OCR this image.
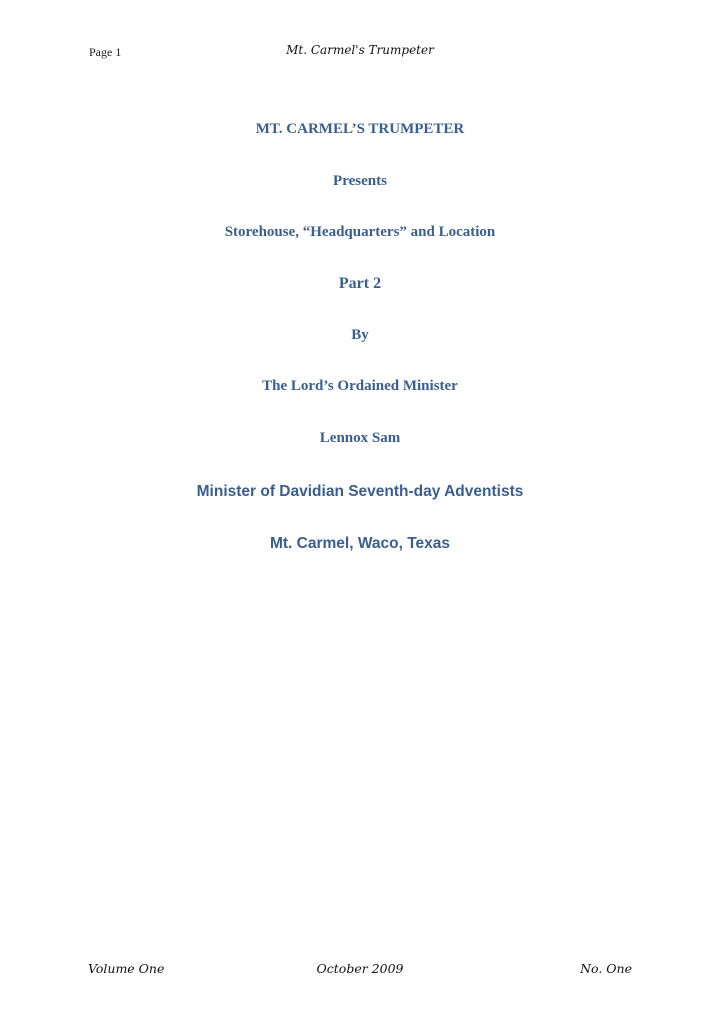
Page 1	Mt. Carmel's Trumpeter
MT. CARMEL’S TRUMPETER
Presents
Storehouse, “Headquarters” and Location
Part 2
By
The Lord’s Ordained Minister
Lennox Sam
Minister of Davidian Seventh-day Adventists
Mt. Carmel, Waco, Texas
Volume One	October 2009	No. One
